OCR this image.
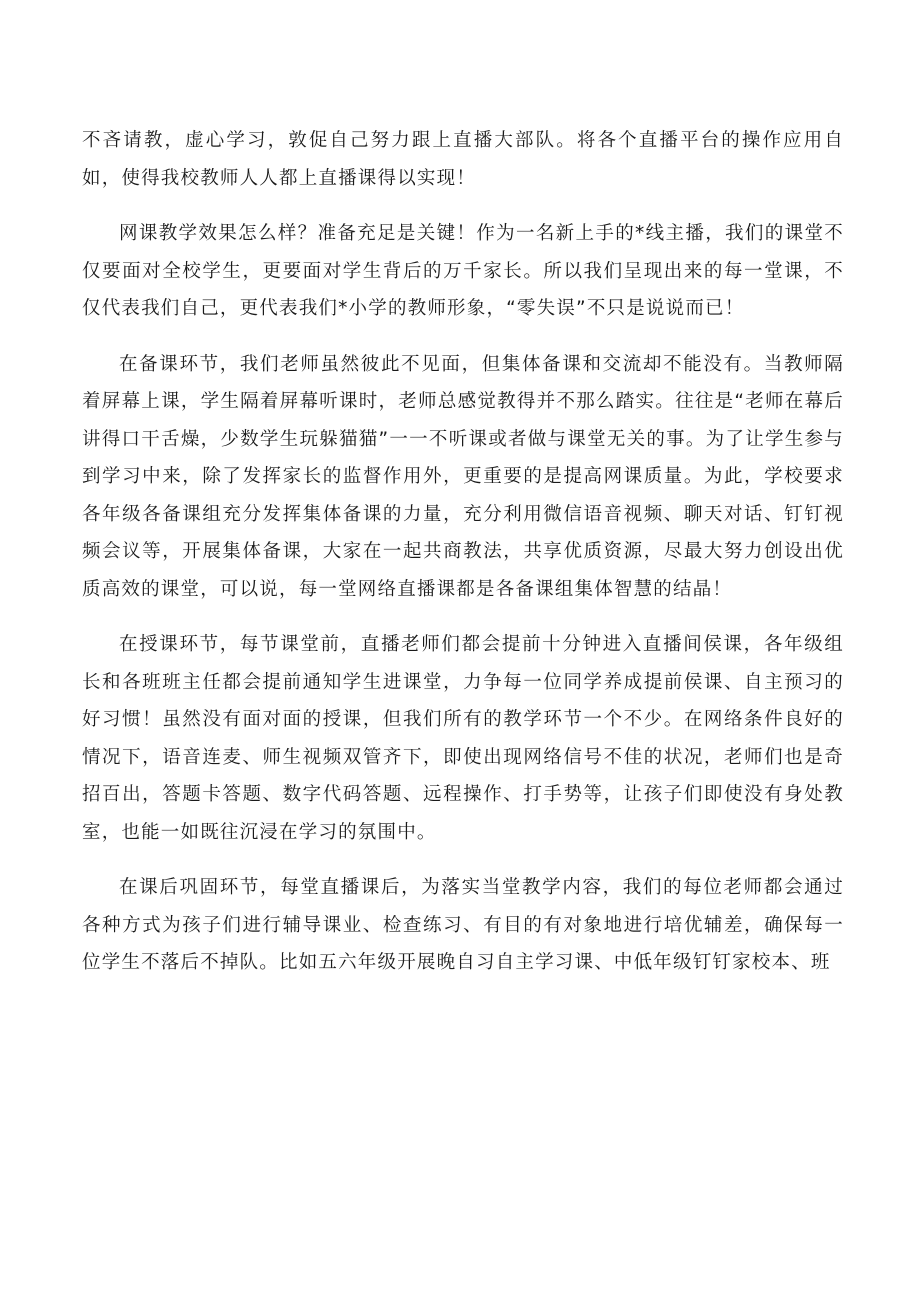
不吝请教，虚心学习，敦促自己努力跟上直播大部队。将各个直播平台的操作应用自如，使得我校教师人人都上直播课得以实现！

网课教学效果怎么样？准备充足是关键！作为一名新上手的*线主播，我们的课堂不仅要面对全校学生，更要面对学生背后的万千家长。所以我们呈现出来的每一堂课，不仅代表我们自己，更代表我们*小学的教师形象，“零失误”不只是说说而已！

在备课环节，我们老师虽然彼此不见面，但集体备课和交流却不能没有。当教师隔着屏幕上课，学生隔着屏幕听课时，老师总感觉教得并不那么踏实。往往是“老师在幕后讲得口干舌燥，少数学生玩躲猫猫”一一不听课或者做与课堂无关的事。为了让学生参与到学习中来，除了发挥家长的监督作用外，更重要的是提高网课质量。为此，学校要求各年级各备课组充分发挥集体备课的力量，充分利用微信语音视频、聊天对话、钉钉视频会议等，开展集体备课，大家在一起共商教法，共享优质资源，尽最大努力创设出优质高效的课堂，可以说，每一堂网络直播课都是各备课组集体智慧的结晶！

在授课环节，每节课堂前，直播老师们都会提前十分钟进入直播间侯课，各年级组长和各班班主任都会提前通知学生进课堂，力争每一位同学养成提前侯课、自主预习的好习惯！虽然没有面对面的授课，但我们所有的教学环节一个不少。在网络条件良好的情况下，语音连麦、师生视频双管齐下，即使出现网络信号不佳的状况，老师们也是奇招百出，答题卡答题、数字代码答题、远程操作、打手势等，让孩子们即使没有身处教室，也能一如既往沉浸在学习的氛围中。

在课后巩固环节，每堂直播课后，为落实当堂教学内容，我们的每位老师都会通过各种方式为孩子们进行辅导课业、检查练习、有目的有对象地进行培优辅差，确保每一位学生不落后不掉队。比如五六年级开展晚自习自主学习课、中低年级钉钉家校本、班
